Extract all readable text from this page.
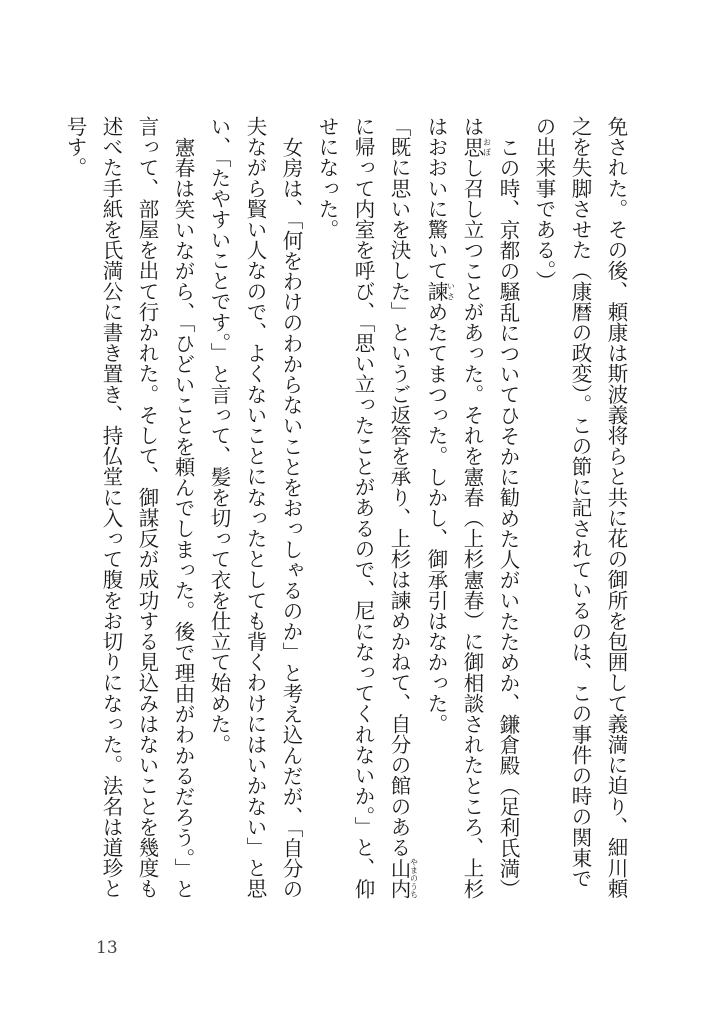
免された。その後、頼康は斯波義将らと共に花の御所を包囲して義満に迫り、細川頼之を失脚させた（康暦の政変）。この節に記されているのは、この事件の時の関東での出来事である。）

この時、京都の騒乱についてひそかに勧めた人がいたためか、鎌倉殿（足利氏満）は思おぼし召し立つことがあった。それを憲春（上杉憲春）に御相談されたところ、上杉はおおいに驚いて諫いさめたてまつった。しかし、御承引はなかった。

「既に思いを決した」というご返答を承り、上杉は諫めかねて、自分の館のある山内やまのうちに帰って内室を呼び、「思い立ったことがあるので、尼になってくれないか。」と、仰せになった。

女房は、「何をわけのわからないことをおっしゃるのか」と考え込んだが、「自分の夫ながら賢い人なので、よくないことになったとしても背くわけにはいかない」と思い、「たやすいことです。」と言って、髪を切って衣を仕立て始めた。

憲春は笑いながら、「ひどいことを頼んでしまった。後で理由がわかるだろう。」と言って、部屋を出て行かれた。そして、御謀反が成功する見込みはないことを幾度も述べた手紙を氏満公に書き置き、持仏堂に入って腹をお切りになった。法名は道珍と号す。

13
